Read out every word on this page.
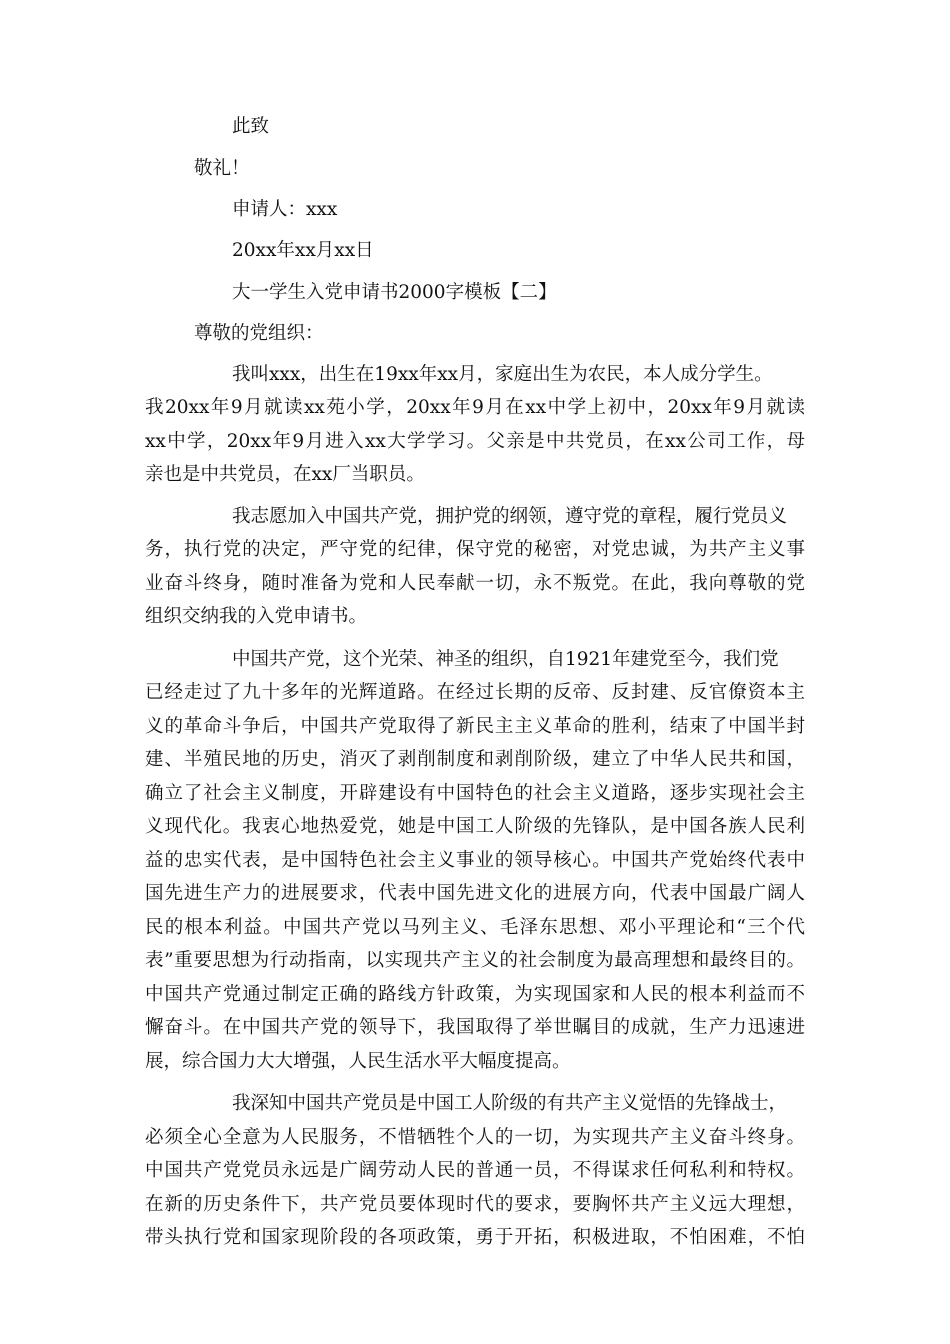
此致

敬礼！

申请人：xxx

20xx年xx月xx日

大一学生入党申请书2000字模板【二】

尊敬的党组织：

我叫xxx，出生在19xx年xx月，家庭出生为农民，本人成分学生。

我20xx年9月就读xx苑小学，20xx年9月在xx中学上初中，20xx年9月就读

xx中学，20xx年9月进入xx大学学习。父亲是中共党员，在xx公司工作，母

亲也是中共党员，在xx厂当职员。

我志愿加入中国共产党，拥护党的纲领，遵守党的章程，履行党员义

务，执行党的决定，严守党的纪律，保守党的秘密，对党忠诚，为共产主义事

业奋斗终身，随时准备为党和人民奉献一切，永不叛党。在此，我向尊敬的党

组织交纳我的入党申请书。

中国共产党，这个光荣、神圣的组织，自1921年建党至今，我们党

已经走过了九十多年的光辉道路。在经过长期的反帝、反封建、反官僚资本主

义的革命斗争后，中国共产党取得了新民主主义革命的胜利，结束了中国半封

建、半殖民地的历史，消灭了剥削制度和剥削阶级，建立了中华人民共和国，

确立了社会主义制度，开辟建设有中国特色的社会主义道路，逐步实现社会主

义现代化。我衷心地热爱党，她是中国工人阶级的先锋队，是中国各族人民利

益的忠实代表，是中国特色社会主义事业的领导核心。中国共产党始终代表中

国先进生产力的进展要求，代表中国先进文化的进展方向，代表中国最广阔人

民的根本利益。中国共产党以马列主义、毛泽东思想、邓小平理论和“三个代

表”重要思想为行动指南，以实现共产主义的社会制度为最高理想和最终目的。

中国共产党通过制定正确的路线方针政策，为实现国家和人民的根本利益而不

懈奋斗。在中国共产党的领导下，我国取得了举世瞩目的成就，生产力迅速进

展，综合国力大大增强，人民生活水平大幅度提高。

我深知中国共产党员是中国工人阶级的有共产主义觉悟的先锋战士，

必须全心全意为人民服务，不惜牺牲个人的一切，为实现共产主义奋斗终身。

中国共产党党员永远是广阔劳动人民的普通一员，不得谋求任何私利和特权。

在新的历史条件下，共产党员要体现时代的要求，要胸怀共产主义远大理想，

带头执行党和国家现阶段的各项政策，勇于开拓，积极进取，不怕困难，不怕
